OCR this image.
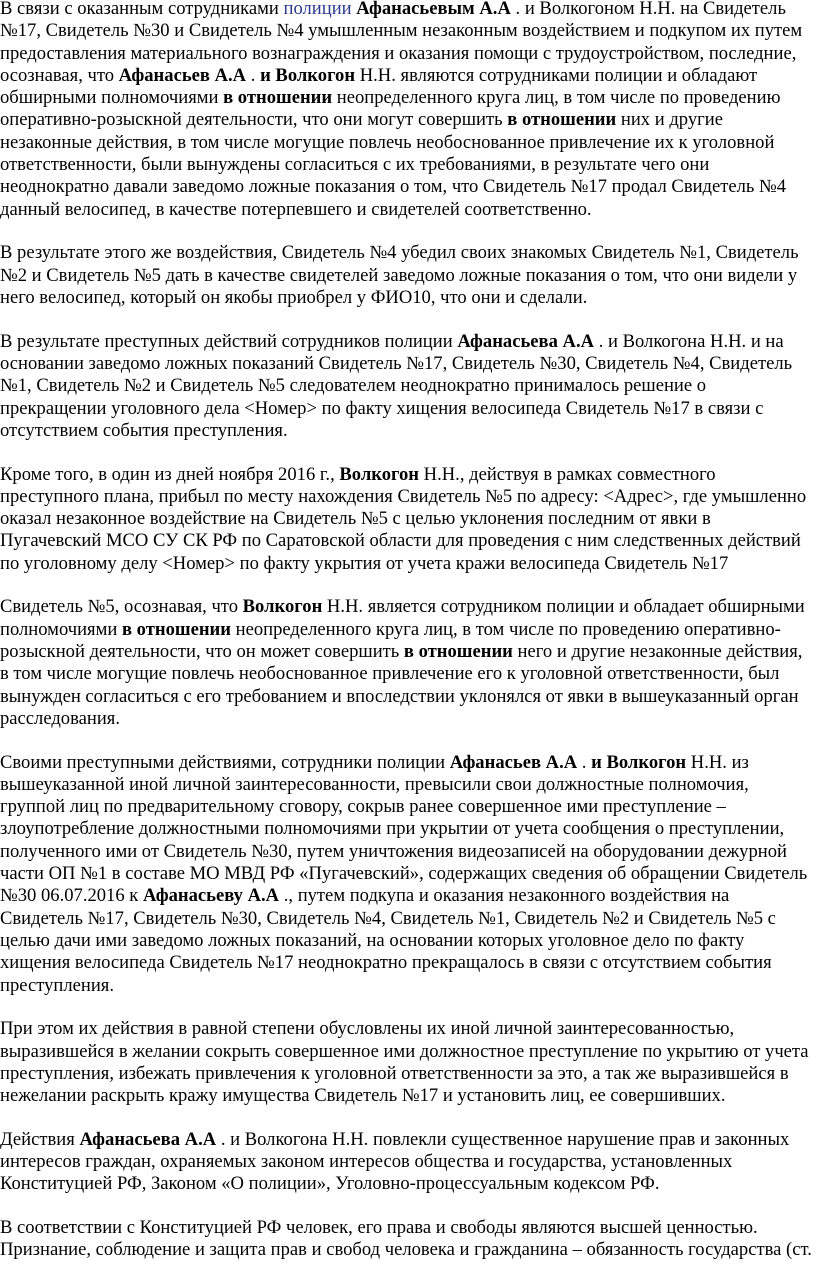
В связи с оказанным сотрудниками полиции Афанасьевым А.А . и Волкогоном Н.Н. на Свидетель №17, Свидетель №30 и Свидетель №4 умышленным незаконным воздействием и подкупом их путем предоставления материального вознаграждения и оказания помощи с трудоустройством, последние, осознавая, что Афанасьев А.А . и Волкогон Н.Н. являются сотрудниками полиции и обладают обширными полномочиями в отношении неопределенного круга лиц, в том числе по проведению оперативно-розыскной деятельности, что они могут совершить в отношении них и другие незаконные действия, в том числе могущие повлечь необоснованное привлечение их к уголовной ответственности, были вынуждены согласиться с их требованиями, в результате чего они неоднократно давали заведомо ложные показания о том, что Свидетель №17 продал Свидетель №4 данный велосипед, в качестве потерпевшего и свидетелей соответственно.

В результате этого же воздействия, Свидетель №4 убедил своих знакомых Свидетель №1, Свидетель №2 и Свидетель №5 дать в качестве свидетелей заведомо ложные показания о том, что они видели у него велосипед, который он якобы приобрел у ФИО10, что они и сделали.

В результате преступных действий сотрудников полиции Афанасьева А.А . и Волкогона Н.Н. и на основании заведомо ложных показаний Свидетель №17, Свидетель №30, Свидетель №4, Свидетель №1, Свидетель №2 и Свидетель №5 следователем неоднократно принималось решение о прекращении уголовного дела <Номер> по факту хищения велосипеда Свидетель №17 в связи с отсутствием события преступления.

Кроме того, в один из дней ноября 2016 г., Волкогон Н.Н., действуя в рамках совместного преступного плана, прибыл по месту нахождения Свидетель №5 по адресу: <Адрес>, где умышленно оказал незаконное воздействие на Свидетель №5 с целью уклонения последним от явки в Пугачевский МСО СУ СК РФ по Саратовской области для проведения с ним следственных действий по уголовному делу <Номер> по факту укрытия от учета кражи велосипеда Свидетель №17

Свидетель №5, осознавая, что Волкогон Н.Н. является сотрудником полиции и обладает обширными полномочиями в отношении неопределенного круга лиц, в том числе по проведению оперативно-розыскной деятельности, что он может совершить в отношении него и другие незаконные действия, в том числе могущие повлечь необоснованное привлечение его к уголовной ответственности, был вынужден согласиться с его требованием и впоследствии уклонялся от явки в вышеуказанный орган расследования.

Своими преступными действиями, сотрудники полиции Афанасьев А.А . и Волкогон Н.Н. из вышеуказанной иной личной заинтересованности, превысили свои должностные полномочия, группой лиц по предварительному сговору, сокрыв ранее совершенное ими преступление – злоупотребление должностными полномочиями при укрытии от учета сообщения о преступлении, полученного ими от Свидетель №30, путем уничтожения видеозаписей на оборудовании дежурной части ОП №1 в составе МО МВД РФ «Пугачевский», содержащих сведения об обращении Свидетель №30 06.07.2016 к Афанасьеву А.А ., путем подкупа и оказания незаконного воздействия на Свидетель №17, Свидетель №30, Свидетель №4, Свидетель №1, Свидетель №2 и Свидетель №5 с целью дачи ими заведомо ложных показаний, на основании которых уголовное дело по факту хищения велосипеда Свидетель №17 неоднократно прекращалось в связи с отсутствием события преступления.

При этом их действия в равной степени обусловлены их иной личной заинтересованностью, выразившейся в желании сокрыть совершенное ими должностное преступление по укрытию от учета преступления, избежать привлечения к уголовной ответственности за это, а так же выразившейся в нежелании раскрыть кражу имущества Свидетель №17 и установить лиц, ее совершивших.

Действия Афанасьева А.А . и Волкогона Н.Н. повлекли существенное нарушение прав и законных интересов граждан, охраняемых законом интересов общества и государства, установленных Конституцией РФ, Законом «О полиции», Уголовно-процессуальным кодексом РФ.

В соответствии с Конституцией РФ человек, его права и свободы являются высшей ценностью. Признание, соблюдение и защита прав и свобод человека и гражданина – обязанность государства (ст.
